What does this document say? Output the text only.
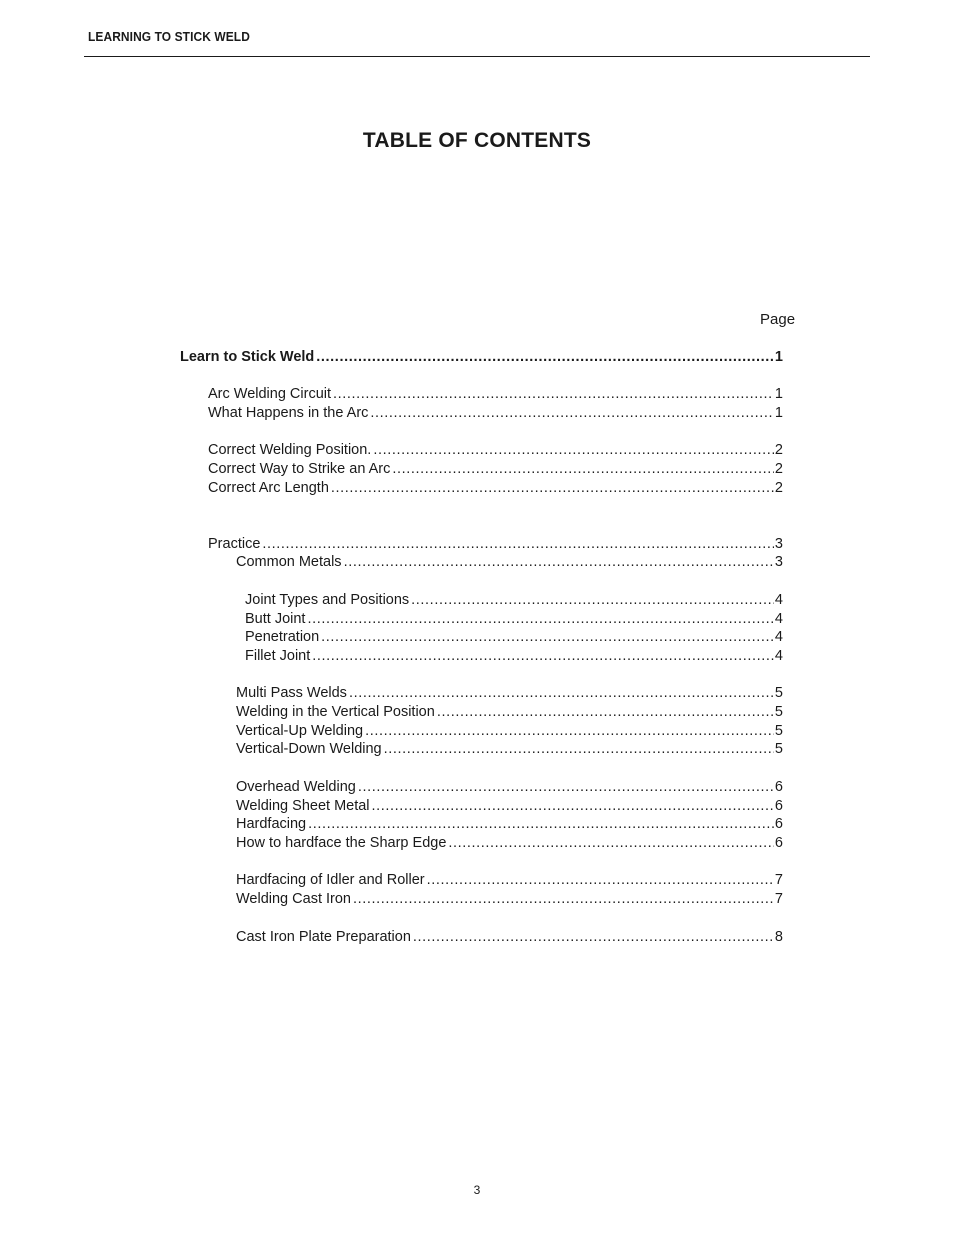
LEARNING TO STICK WELD
TABLE OF CONTENTS
Page
Learn to Stick Weld .....	1
Arc Welding Circuit .....	1
What Happens in the Arc .....	1
Correct Welding Position. .....	2
Correct Way to Strike an Arc .....	2
Correct Arc Length .....	2
Practice .....	3
Common Metals .....	3
Joint Types and Positions .....	4
Butt Joint .....	4
Penetration .....	4
Fillet Joint .....	4
Multi Pass Welds .....	5
Welding in the Vertical Position .....	5
Vertical-Up Welding .....	5
Vertical-Down Welding .....	5
Overhead Welding .....	6
Welding Sheet Metal .....	6
Hardfacing .....	6
How to hardface the Sharp Edge .....	6
Hardfacing of Idler and Roller .....	7
Welding Cast Iron .....	7
Cast Iron Plate Preparation .....	8
3
